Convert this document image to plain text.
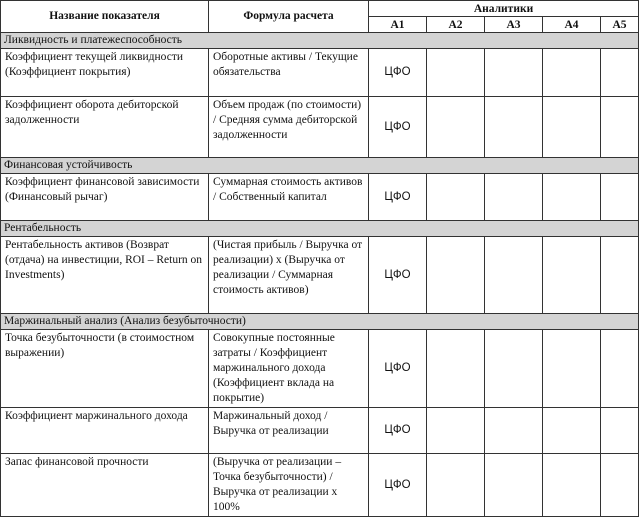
Название показателя	Формула расчета	Аналитики				
		А1	А2	А3	А4	А5
Ликвидность и платежеспособность						
Коэффициент текущей ликвидности (Коэффициент покрытия)	Оборотные активы / Текущие обязательства	ЦФО				
Коэффициент оборота дебиторской задолженности	Объем продаж (по стоимости) / Средняя сумма дебиторской задолженности	ЦФО				
Финансовая устойчивость						
Коэффициент финансовой зависимости (Финансовый рычаг)	Суммарная стоимость активов / Собственный капитал	ЦФО				
Рентабельность						
Рентабельность активов (Возврат (отдача) на инвестиции, ROI – Return on Investments)	(Чистая прибыль / Выручка от реализации) х (Выручка от реализации / Суммарная стоимость активов)	ЦФО				
Маржинальный анализ (Анализ безубыточности)						
Точка безубыточности (в стоимостном выражении)	Совокупные постоянные затраты / Коэффициент маржинального дохода (Коэффициент вклада на покрытие)	ЦФО				
Коэффициент маржинального дохода	Маржинальный доход / Выручка от реализации	ЦФО				
Запас финансовой прочности	(Выручка от реализации – Точка безубыточности) / Выручка от реализации х 100%	ЦФО				
